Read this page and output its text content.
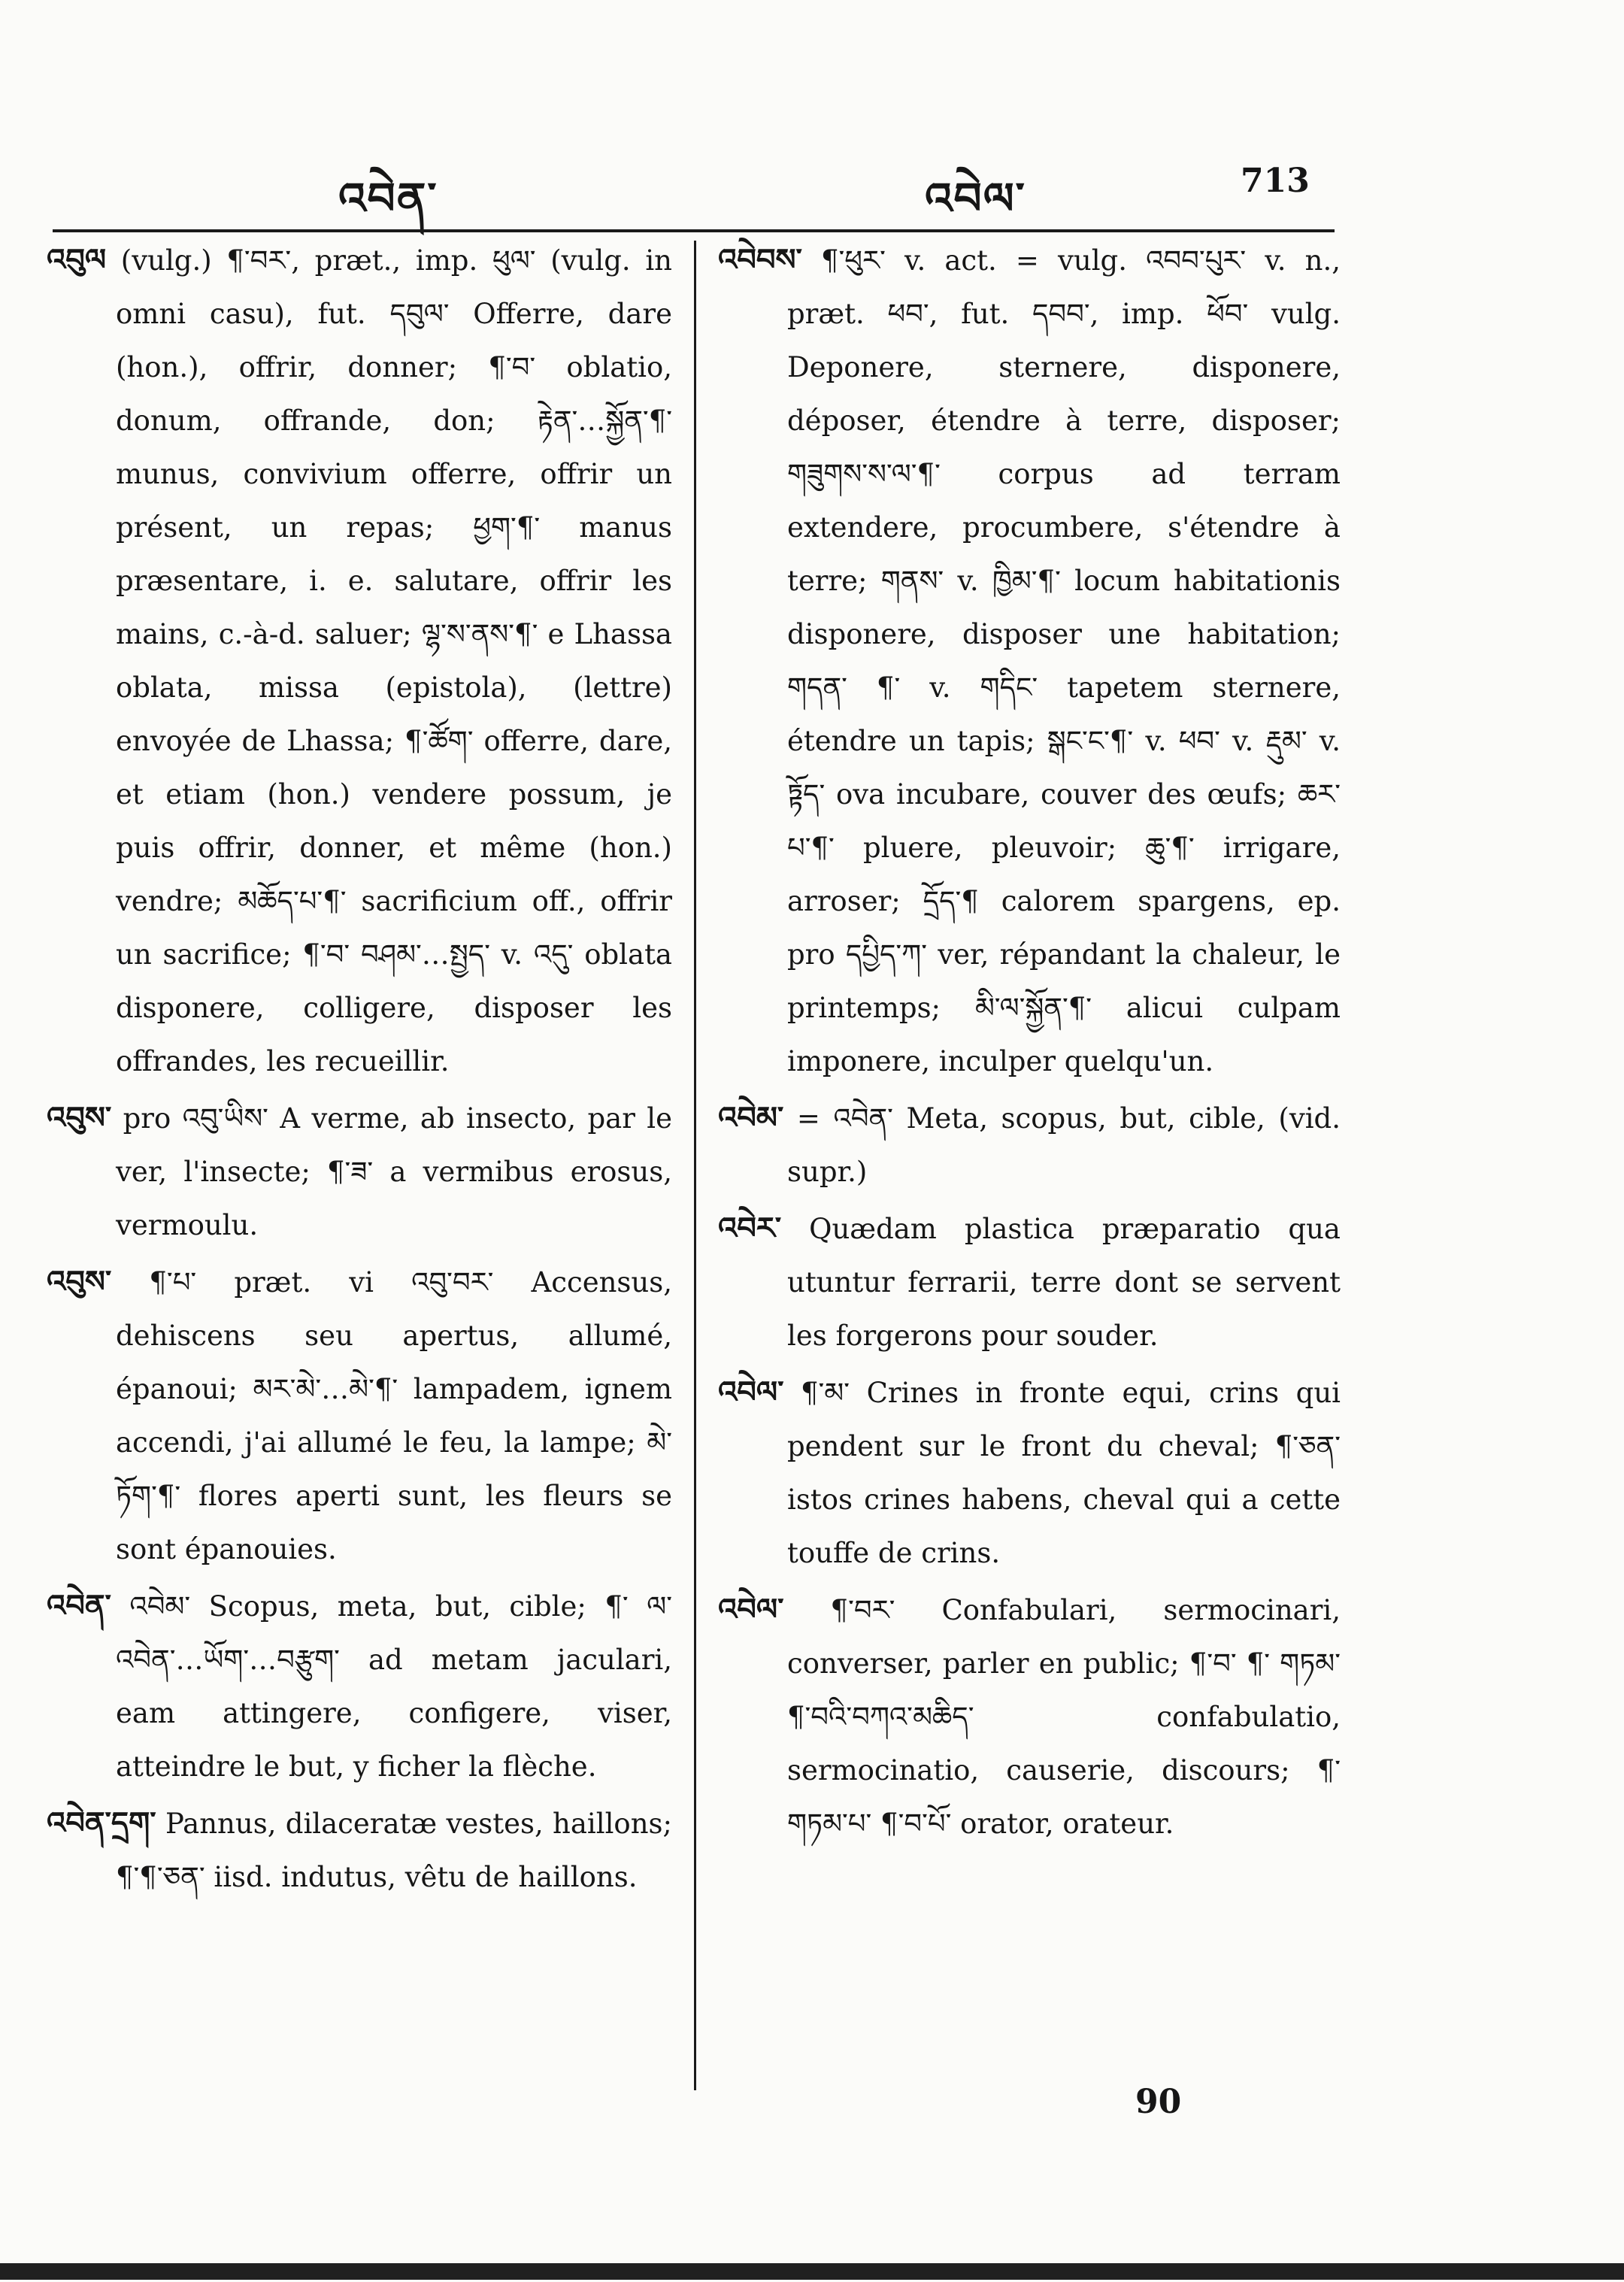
འབེན་	འབེལ་	713

འབུལ (vulg.) ¶་བར་, præt., imp. ཕུལ་ (vulg. in omni casu), fut. དབུལ་ Offerre, dare (hon.), offrir, donner; ¶་བ་ oblatio, donum, offrande, don; རྟེན་…སྐྱོན་¶་ munus, convivium offerre, offrir un présent, un repas; ཕྱག་¶་ manus præsentare, i. e. salutare, offrir les mains, c.-à-d. saluer; ལྷ་ས་ནས་¶་ e Lhassa oblata, missa (epistola), (lettre) envoyée de Lhassa; ¶་ཚོག་ offerre, dare, et etiam (hon.) vendere possum, je puis offrir, donner, et même (hon.) vendre; མཆོད་པ་¶་ sacrificium off., offrir un sacrifice; ¶་བ་ བཤམ་…སྤྱད་ v. འདུ་ oblata disponere, colligere, disposer les offrandes, les recueillir.

འབུས་ pro འབུ་ཡིས་ A verme, ab insecto, par le ver, l'insecte; ¶་ཟ་ a vermibus erosus, vermoulu.

འབུས་ ¶་པ་ præt. vi འབུ་བར་ Accensus, dehiscens seu apertus, allumé, épanoui; མར་མེ་…མེ་¶་ lampadem, ignem accendi, j'ai allumé le feu, la lampe; མེ་ཏོག་¶་ flores aperti sunt, les fleurs se sont épanouies.

འབེན་ འབེམ་ Scopus, meta, but, cible; ¶་ ལ་འབེན་…ཡོག་…བརྩུག་ ad metam jaculari, eam attingere, configere, viser, atteindre le but, y ficher la flèche.

འབེན་དྲག་ Pannus, dilaceratæ vestes, haillons; ¶་¶་ཅན་ iisd. indutus, vêtu de haillons.

འབེབས་ ¶་ཕུར་ v. act. = vulg. འབབ་པུར་ v. n., præt. ཕབ་, fut. དབབ་, imp. ཕོབ་ vulg. Deponere, sternere, disponere, déposer, étendre à terre, disposer; གཟུགས་ས་ལ་¶་ corpus ad terram extendere, procumbere, s'étendre à terre; གནས་ v. ཁྱིམ་¶་ locum habitationis disponere, disposer une habitation; གདན་ ¶་ v. གདིང་ tapetem sternere, étendre un tapis; སྒང་ང་¶་ v. ཕབ་ v. རྡུམ་ v. ཏྟོད་ ova incubare, couver des œufs; ཆར་པ་¶་ pluere, pleuvoir; ཆུ་¶་ irrigare, arroser; དྲོད་¶ calorem spargens, ep. pro དཔྱིད་ཀ་ ver, répandant la chaleur, le printemps; མི་ལ་སྐྱོན་¶་ alicui culpam imponere, inculper quelqu'un.

འབེམ་ = འབེན་ Meta, scopus, but, cible, (vid. supr.)

འབེར་ Quædam plastica præparatio qua utuntur ferrarii, terre dont se servent les forgerons pour souder.

འབེལ་ ¶་མ་ Crines in fronte equi, crins qui pendent sur le front du cheval; ¶་ཅན་ istos crines habens, cheval qui a cette touffe de crins.

འབེལ་ ¶་བར་ Confabulari, sermocinari, converser, parler en public; ¶་བ་ ¶་ གཏམ་ ¶་བའི་བཀའ་མཆིད་ confabulatio, sermocinatio, causerie, discours; ¶་གཏམ་པ་ ¶་བ་པོ་ orator, orateur.

90
